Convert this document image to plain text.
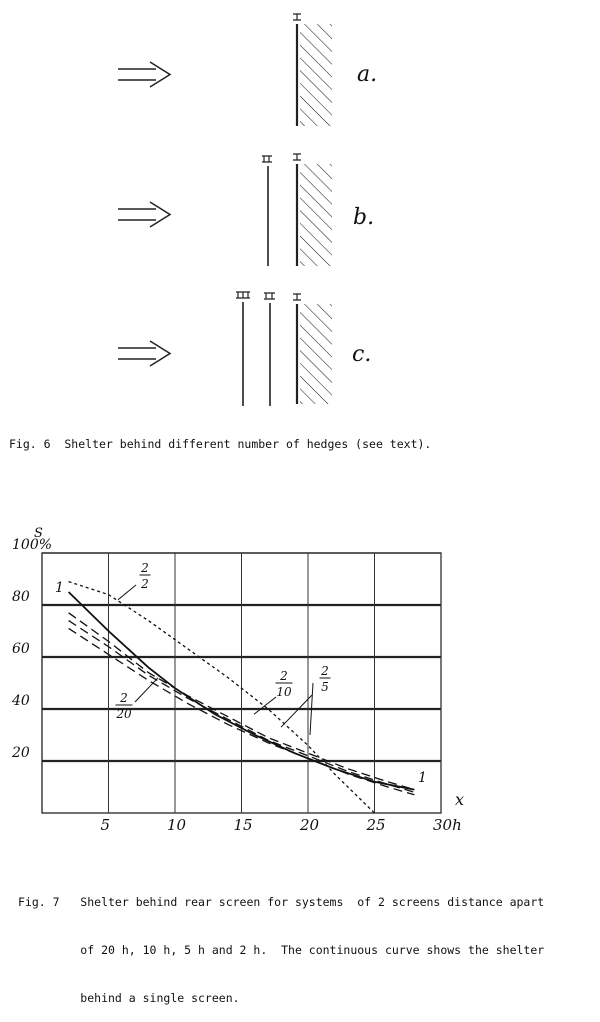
a.
b.
c.
Fig. 6  Shelter behind different number of hedges (see text).
5	10	15	20	25	30h
20
40
60
80
100%
2
2
2
10
2
5
2
20
1
1
S
x

Fig. 7   Shelter behind rear screen for systems  of 2 screens distance apart

of 20 h, 10 h, 5 h and 2 h.  The continuous curve shows the shelter

behind a single screen.
